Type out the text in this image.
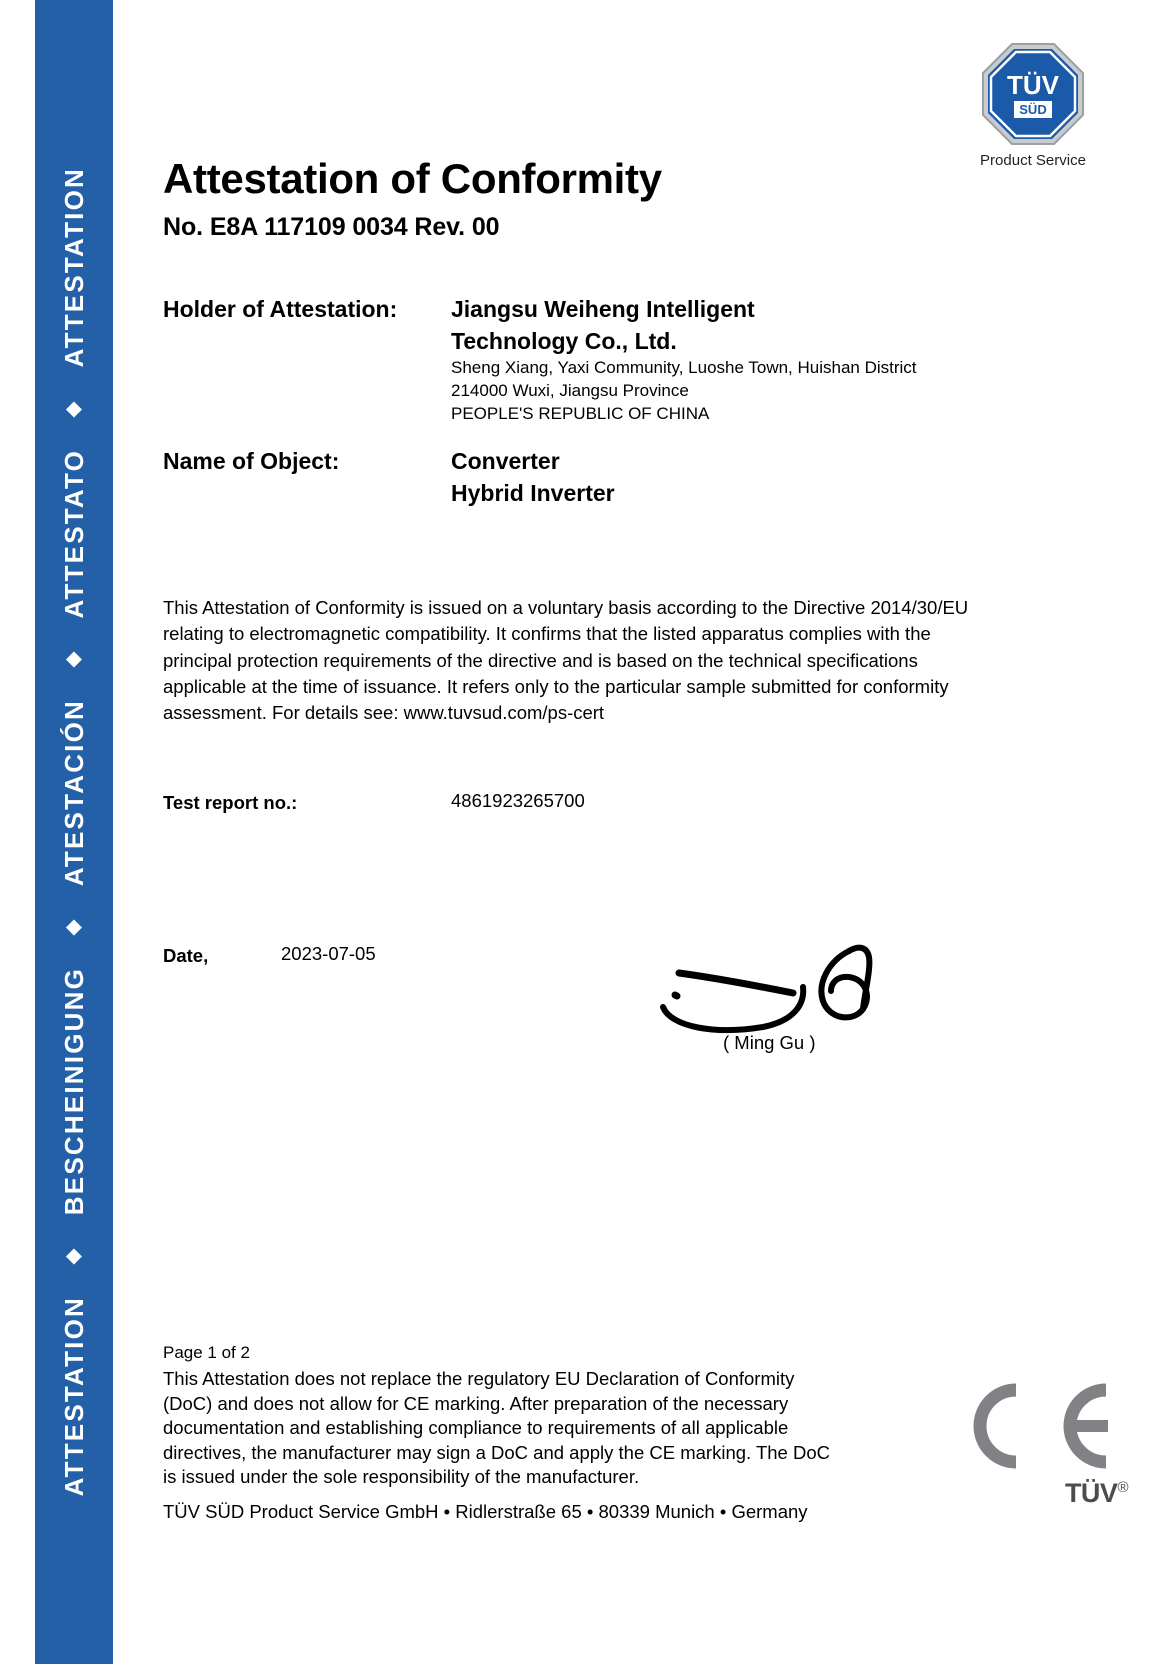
ATTESTATION
◆
ATTESTATO
◆
ATESTACIÓN
◆
BESCHEINIGUNG
◆
ATTESTATION
TÜV
SÜD
Product Service
Attestation of Conformity
No. E8A 117109 0034 Rev. 00
Holder of Attestation:	Jiangsu Weiheng Intelligent
Technology Co., Ltd.
Sheng Xiang, Yaxi Community, Luoshe Town, Huishan District
214000 Wuxi, Jiangsu Province
PEOPLE'S REPUBLIC OF CHINA
Name of Object:	Converter
Hybrid Inverter
This Attestation of Conformity is issued on a voluntary basis according to the Directive 2014/30/EU relating to electromagnetic compatibility. It confirms that the listed apparatus complies with the principal protection requirements of the directive and is based on the technical specifications applicable at the time of issuance. It refers only to the particular sample submitted for conformity assessment. For details see: www.tuvsud.com/ps-cert
Test report no.:	4861923265700
Date,	2023-07-05
( Ming Gu )
Page 1 of 2
This Attestation does not replace the regulatory EU Declaration of Conformity (DoC) and does not allow for CE marking. After preparation of the necessary documentation and establishing compliance to requirements of all applicable directives, the manufacturer may sign a DoC and apply the CE marking. The DoC is issued under the sole responsibility of the manufacturer.
TÜV SÜD Product Service GmbH • Ridlerstraße 65 • 80339 Munich • Germany
TÜV®
